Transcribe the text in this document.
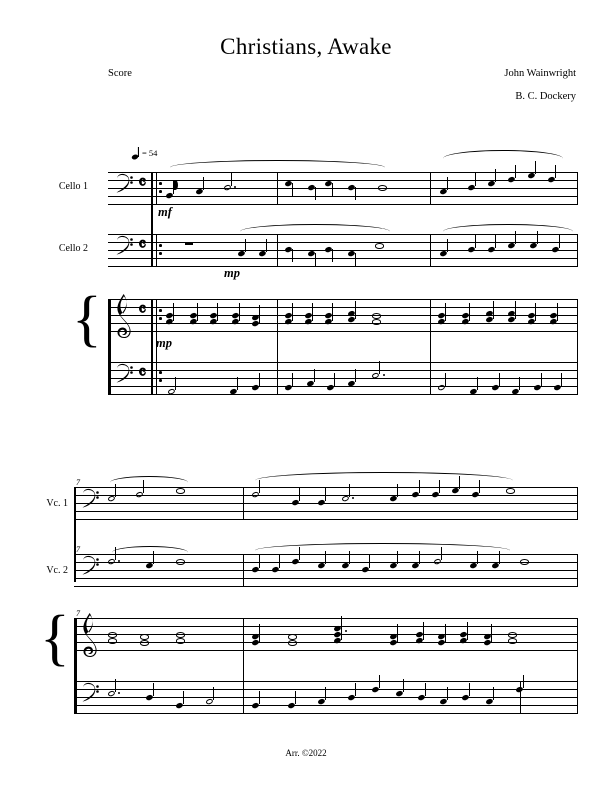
Christians, Awake
Score	John Wainwright
B. C. Dockery
Arr. ©2022
= 54
Cello 1	𝄴
mf
Cello 2	𝄴
mp
{ 𝄴
mp
𝄴
7
Vc. 1
7
Vc. 2
{ 7
